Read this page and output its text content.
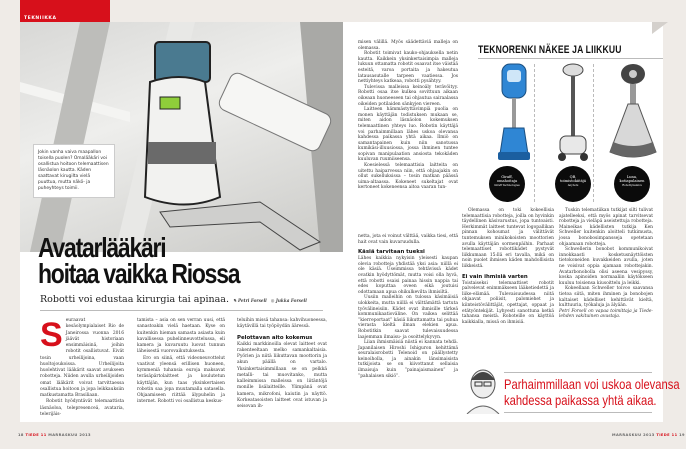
Jokin vanha vaiva maapallon toisella puolen? Omalääkäri voi osallistua hoitoon telemaattisen läsnäolon kautta. Käden saattavat kirugilta vielä puuttua, mutta näkö- ja puheyhteys toimii.
TEKNIIKKA
Avatarlääkäri
hoitaa vaikka Riossa
Robotti voi edustaa kirurgia tai apinaa. ✎ Petri Forsell ◎ Jukka Forsell
S euraavat kesäolympialaiset Rio de Janeirossa vuonna 2016 jäävät historiaan ensimmäisinä, joihin robotit osallistuvat. Eivät tosin urheilijoina, vaan huoltojoukoissa. Urheilijoita huolehtivat lääkärit saavat avukseen robotteja. Niiden avulla urheilijoiden omat lääkärit voivat tarvittaessa osallistua hoitoon ja jopa leikkauksiin matkustamatta Brasiliaan.

Robotit hyödyntävät telemaattista läsnäoloa, telepresenceä, avataria, telerijäis-

tamista – asia on sen verran uusi, että sanastoakin vielä haetaan. Kyse on kuitenkin hieman samasta asiasta kuin kavallisessa puhelinneuvottelussa, eli kamera ja kuvaruutu luovat tunnun läheisestä vuorovaikutuksesta.

Ero on siinä, että videoneuvottelut vaativat yleensä erillisen huoneen, kymmeniä tuhansia euroja maksavat teräsäpärtolaitteet ja koulutetun käyttäjän, kun taas yksinkertaisen robotin saa jopa muutamalla satasella. Ohjaamiseen riittää älypuhelin ja internet. Robotti voi osallistua keskus-

teluihin missä tahansa: kahvihuoneessa, käytävillä tai työpöydän ääressä.

Pelottavan aito kokemus

Kaikki markkinoilla olevat laitteet ovat rakenteeltaan melko samankaltaisia. Pyörien ja niitä liikuttavan moottorin ja akun päällä on vartalo. Yksinkertaisimmillaan se on pelkkä metalli- tai muovitanko, mutta kalleimmissa malleissa on liitäntöjä monille lisälaitteille. Ylimpänä ovat kamera, mikrofoni, kaiutin ja näyttö. Korkeatasoisten laitteet ovat istuvan ja seisovan ih-

misen välillä. Myös säädettäviä malleja on olemassa.

Robotit toimivat kauko-ohjauksella netin kautta. Kaikkein yksinkertaisimpia malleja lukuun ottamatta robotit osaavat itse väistää esteitä, varoa portaita ja hakeutua latausasutalle tarpeen vaatiessa. Jos nettiyhteys katkeaa, robotti pysähtyy.

Tulevissa malleissa keinoäly terävöityy. Robotti osaa itse kulkea sovittuun aikaan oikeaan huoneeseen tai ohjautua sairaalassa oikeiden potilaiden sänkyjen viereen.

Laitteen hämmästyttävimpiä puolia on monen käyttäjän todistuksen mukaan se, miten aidon läsnäolon kokemuksen telemaattinen yhteys luo. Robotin käyttäjä voi parhaimmillaan lähes uskoa olevansa kahdessa paikassa yhtä aikaa. Ilmiö on samantapainen kuin niin sanotussa kumikäsi-illuusiossa, jossa ihminen tuntee sopivan manipulaation ansiosta tekokäden kuuluvan ruumiiseensa.

Koesielessä telemaattisia laitteita on uitettu haiparvessa niin, että ohjaajakin on ollut sukelluksissa – tosin matkan päässä uima-altaassa. Kokeneet sukeltajat ovat kertoneet kokeneensa aitoa vaaran tun-

TEKNORENKI NÄKEE JA LIIKKUU
Giraff,
omahoitaja
Giraff Technologies
QB,
toimistokiitäjä
Anybots
Luna,
kotiapulainen
RoboDynamics

netta, jota ei voinut välttää, vaikka tiesi, että hait ovat vain kuvaruudulla.

Käsiä tarvitaan tueksi

Lähes kaikkia nykyisin yleisesti kaupan olevia robotteja yhdistää yksi asia: niillä ei ole käsiä. Useimmissa tehtävissä kädet ovatkin hyödyttömät, mutta voisi olla hyvä, että robotti osaisi painaa hissin nappia tai edes koputtaa oveen eikä joutuisi odottamaan apua ohikulkevilta ihmisiltä.

Uusiin malleihin on tulossa käsimäisiä ulokkeita, mutta niillä ei välttämättä tartuta työvälineisiin. Kädet ovat ihmisille tärkeä kommunikaatioväline. On vaikea selittää ”kierreportaat” käsiä liikuttamatta tai puhua vierasta kieltä ilman elekien apua. Robotitkin saavat tulevaisuudessa laajemman ilmaisu- ja osoittelykyvyn.

Liian ihmismäisiä niistä ei kannata tehdä. Japanilaisen Hiroshi Ishiguron kehittämä seuralaisrobotti Telenoid on päällystetty keinoiholla, ja ainakin länsimaisista tutkijoista se on kiivottanut sellaisia ilmaisuja kuin ”painajaismainen” ja ”pahalaisen sikiö”.

Olemassa on toki kokeellisia telemaattisia robotteja, joilla on hyvinkin täydellinen käsivarustus, jopa tuntoaisti. Herkimmät laitteet tuntevat logopallikan pinnan kohoumat ja välittävät tuntemuksen minikokoisten moottorien avulla käyttäjän sormenpäihin. Parhaat telemaattiset robottikädet pystyvät liikkumaan 15:llä eri tavalla, mikä on noin puolet ihmisen käden mahdollisista liikkeistä.

Ei vain ihmisiä varten

Toistaiseksi telemaattiset robotit palvelevat enimmäkseen lääketiedettä ja liike-elämää. Tulevaisuudessa niitä ohjaavat poliisit, palomiehet ja kiinteistövälittäjät, opettajat, oppaat ja etätyöntekijät. Lyhyesti sanottuna ketkä tahansa meistä. Roboteille on käyttöä kaikkialla, missä on ihmisiä.

Tuskin telematiikan tutkijat silti tulivat ajatelleeksi, että myös apinat tarvitsevat robotteja ja vieläpä aseistettuja robotteja. Maineikas kädellisten tutkija Ken Schweller kuitenkin aloitteli tutkimusta, jossa bonobosimpansseja opetetaan ohjaamaan robotteja.

Schwellerin bonobot kommunikoivat innokkaasti kosketusnäyttöisten tietokoneiden kuvakkeiden avulla, joten ne voisivat oppia ajamaan robottejakin. Avatarbonobolla olisi aseena vesipyssy, koska apinoiden normaaliin käytökseen kuuluu toisiensa kiusoittelu ja leikki.

Kokeellaan Schweller toivoo saavansa tietoa siitä, miten ihminen ja bonobojen kaltaiset kädelliset kehittävät kieltä, kulttuuria, työkaluja ja älyään.

Petri Forsell on vapaa toimittaja ja Tiede-lehden vakituinen avustaja.

Parhaimmillaan voi uskoa olevansa kahdessa paikassa yhtä aikaa.
18 TIEDE 11 MARRASKUU 2013	MARRASKUU 2013 TIEDE 11 19
